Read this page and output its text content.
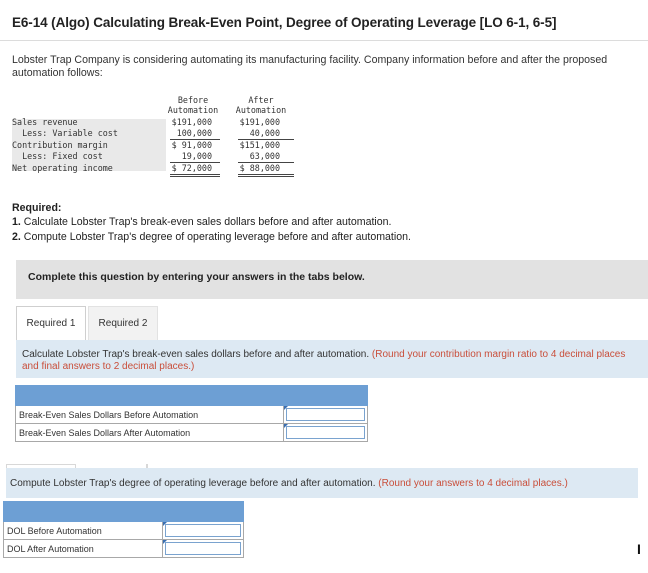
E6-14 (Algo) Calculating Break-Even Point, Degree of Operating Leverage [LO 6-1, 6-5]
Lobster Trap Company is considering automating its manufacturing facility. Company information before and after the proposed automation follows:
Before
Automation
After
Automation
Sales revenue	$191,000	$191,000
Less: Variable cost	100,000	40,000
Contribution margin	$ 91,000	$151,000
Less: Fixed cost	19,000	63,000
Net operating income	$ 72,000	$ 88,000
Required:
1. Calculate Lobster Trap's break-even sales dollars before and after automation.
2. Compute Lobster Trap's degree of operating leverage before and after automation.
Complete this question by entering your answers in the tabs below.
Required 1	Required 2
Calculate Lobster Trap's break-even sales dollars before and after automation. (Round your contribution margin ratio to 4 decimal places and final answers to 2 decimal places.)

Break-Even Sales Dollars Before Automation	

Break-Even Sales Dollars After Automation	
Compute Lobster Trap's degree of operating leverage before and after automation. (Round your answers to 4 decimal places.)

DOL Before Automation	

DOL After Automation		I
